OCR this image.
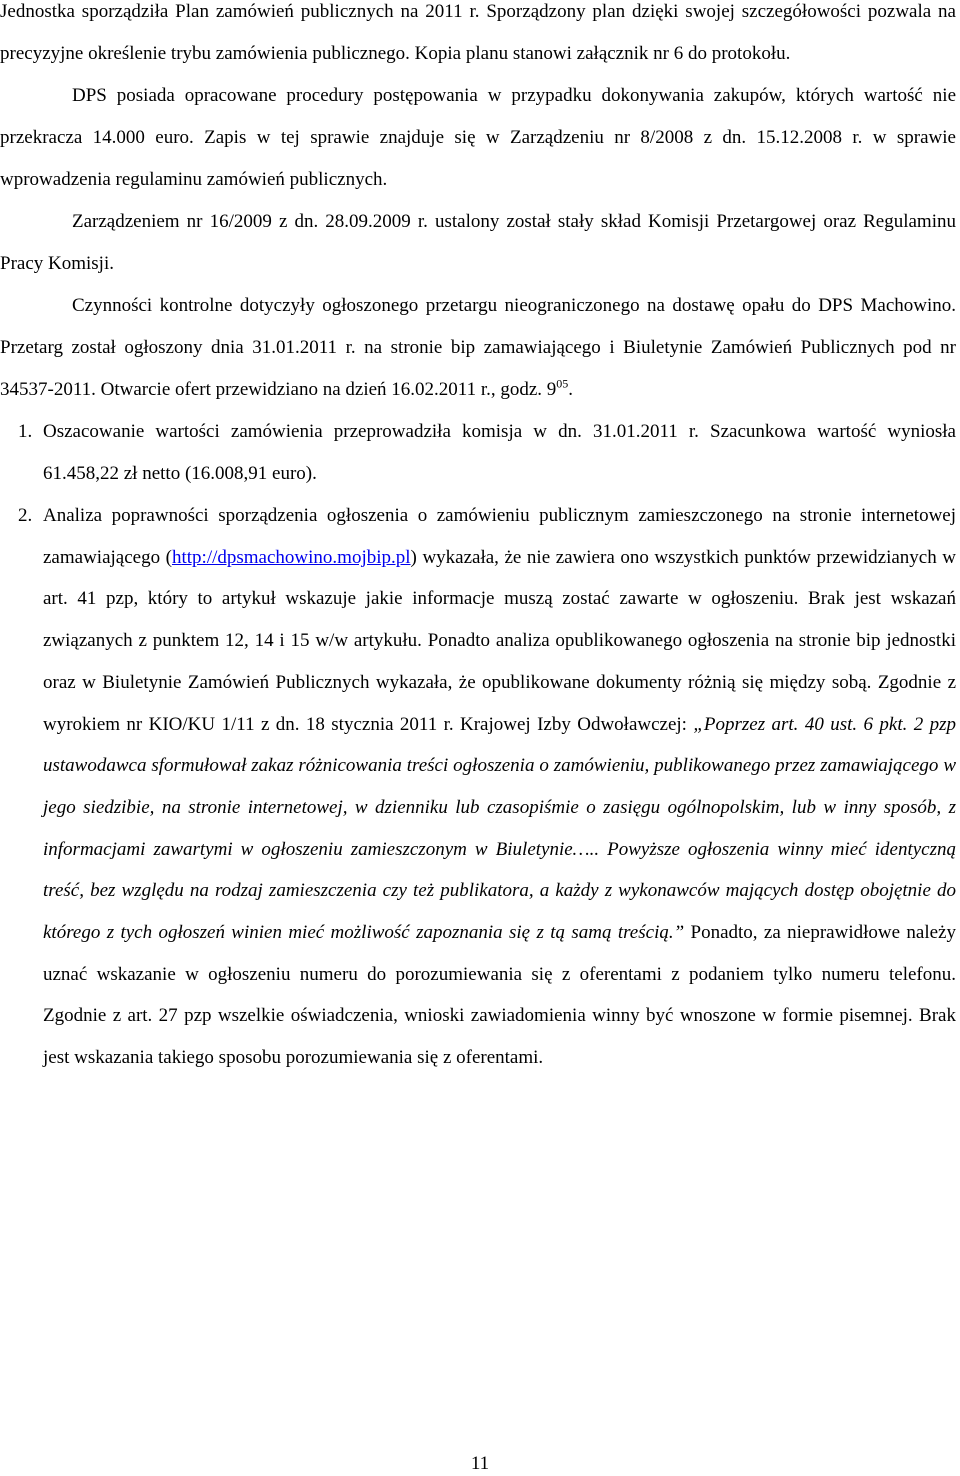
Jednostka sporządziła Plan zamówień publicznych na 2011 r. Sporządzony plan dzięki swojej szczegółowości pozwala na precyzyjne określenie trybu zamówienia publicznego. Kopia planu stanowi załącznik nr 6 do protokołu.

DPS posiada opracowane procedury postępowania w przypadku dokonywania zakupów, których wartość nie przekracza 14.000 euro. Zapis w tej sprawie znajduje się w Zarządzeniu nr 8/2008 z dn. 15.12.2008 r. w sprawie wprowadzenia regulaminu zamówień publicznych.

Zarządzeniem nr 16/2009 z dn. 28.09.2009 r. ustalony został stały skład Komisji Przetargowej oraz Regulaminu Pracy Komisji.

Czynności kontrolne dotyczyły ogłoszonego przetargu nieograniczonego na dostawę opału do DPS Machowino. Przetarg został ogłoszony dnia 31.01.2011 r. na stronie bip zamawiającego i Biuletynie Zamówień Publicznych pod nr 34537-2011. Otwarcie ofert przewidziano na dzień 16.02.2011 r., godz. $9^{05}$.

1. Oszacowanie wartości zamówienia przeprowadziła komisja w dn. 31.01.2011 r. Szacunkowa wartość wyniosła 61.458,22 zł netto (16.008,91 euro).
2. Analiza poprawności sporządzenia ogłoszenia o zamówieniu publicznym zamieszczonego na stronie internetowej zamawiającego (http://dpsmachowino.mojbip.pl) wykazała, że nie zawiera ono wszystkich punktów przewidzianych w art. 41 pzp, który to artykuł wskazuje jakie informacje muszą zostać zawarte w ogłoszeniu. Brak jest wskazań związanych z punktem 12, 14 i 15 w/w artykułu. Ponadto analiza opublikowanego ogłoszenia na stronie bip jednostki oraz w Biuletynie Zamówień Publicznych wykazała, że opublikowane dokumenty różnią się między sobą. Zgodnie z wyrokiem nr KIO/KU 1/11 z dn. 18 stycznia 2011 r. Krajowej Izby Odwoławczej: „Poprzez art. 40 ust. 6 pkt. 2 pzp ustawodawca sformułował zakaz różnicowania treści ogłoszenia o zamówieniu, publikowanego przez zamawiającego w jego siedzibie, na stronie internetowej, w dzienniku lub czasopiśmie o zasięgu ogólnopolskim, lub w inny sposób, z informacjami zawartymi w ogłoszeniu zamieszczonym w Biuletynie….. Powyższe ogłoszenia winny mieć identyczną treść, bez względu na rodzaj zamieszczenia czy też publikatora, a każdy z wykonawców mających dostęp obojętnie do którego z tych ogłoszeń winien mieć możliwość zapoznania się z tą samą treścią.” Ponadto, za nieprawidłowe należy uznać wskazanie w ogłoszeniu numeru do porozumiewania się z oferentami z podaniem tylko numeru telefonu. Zgodnie z art. 27 pzp wszelkie oświadczenia, wnioski zawiadomienia winny być wnoszone w formie pisemnej. Brak jest wskazania takiego sposobu porozumiewania się z oferentami.
11
